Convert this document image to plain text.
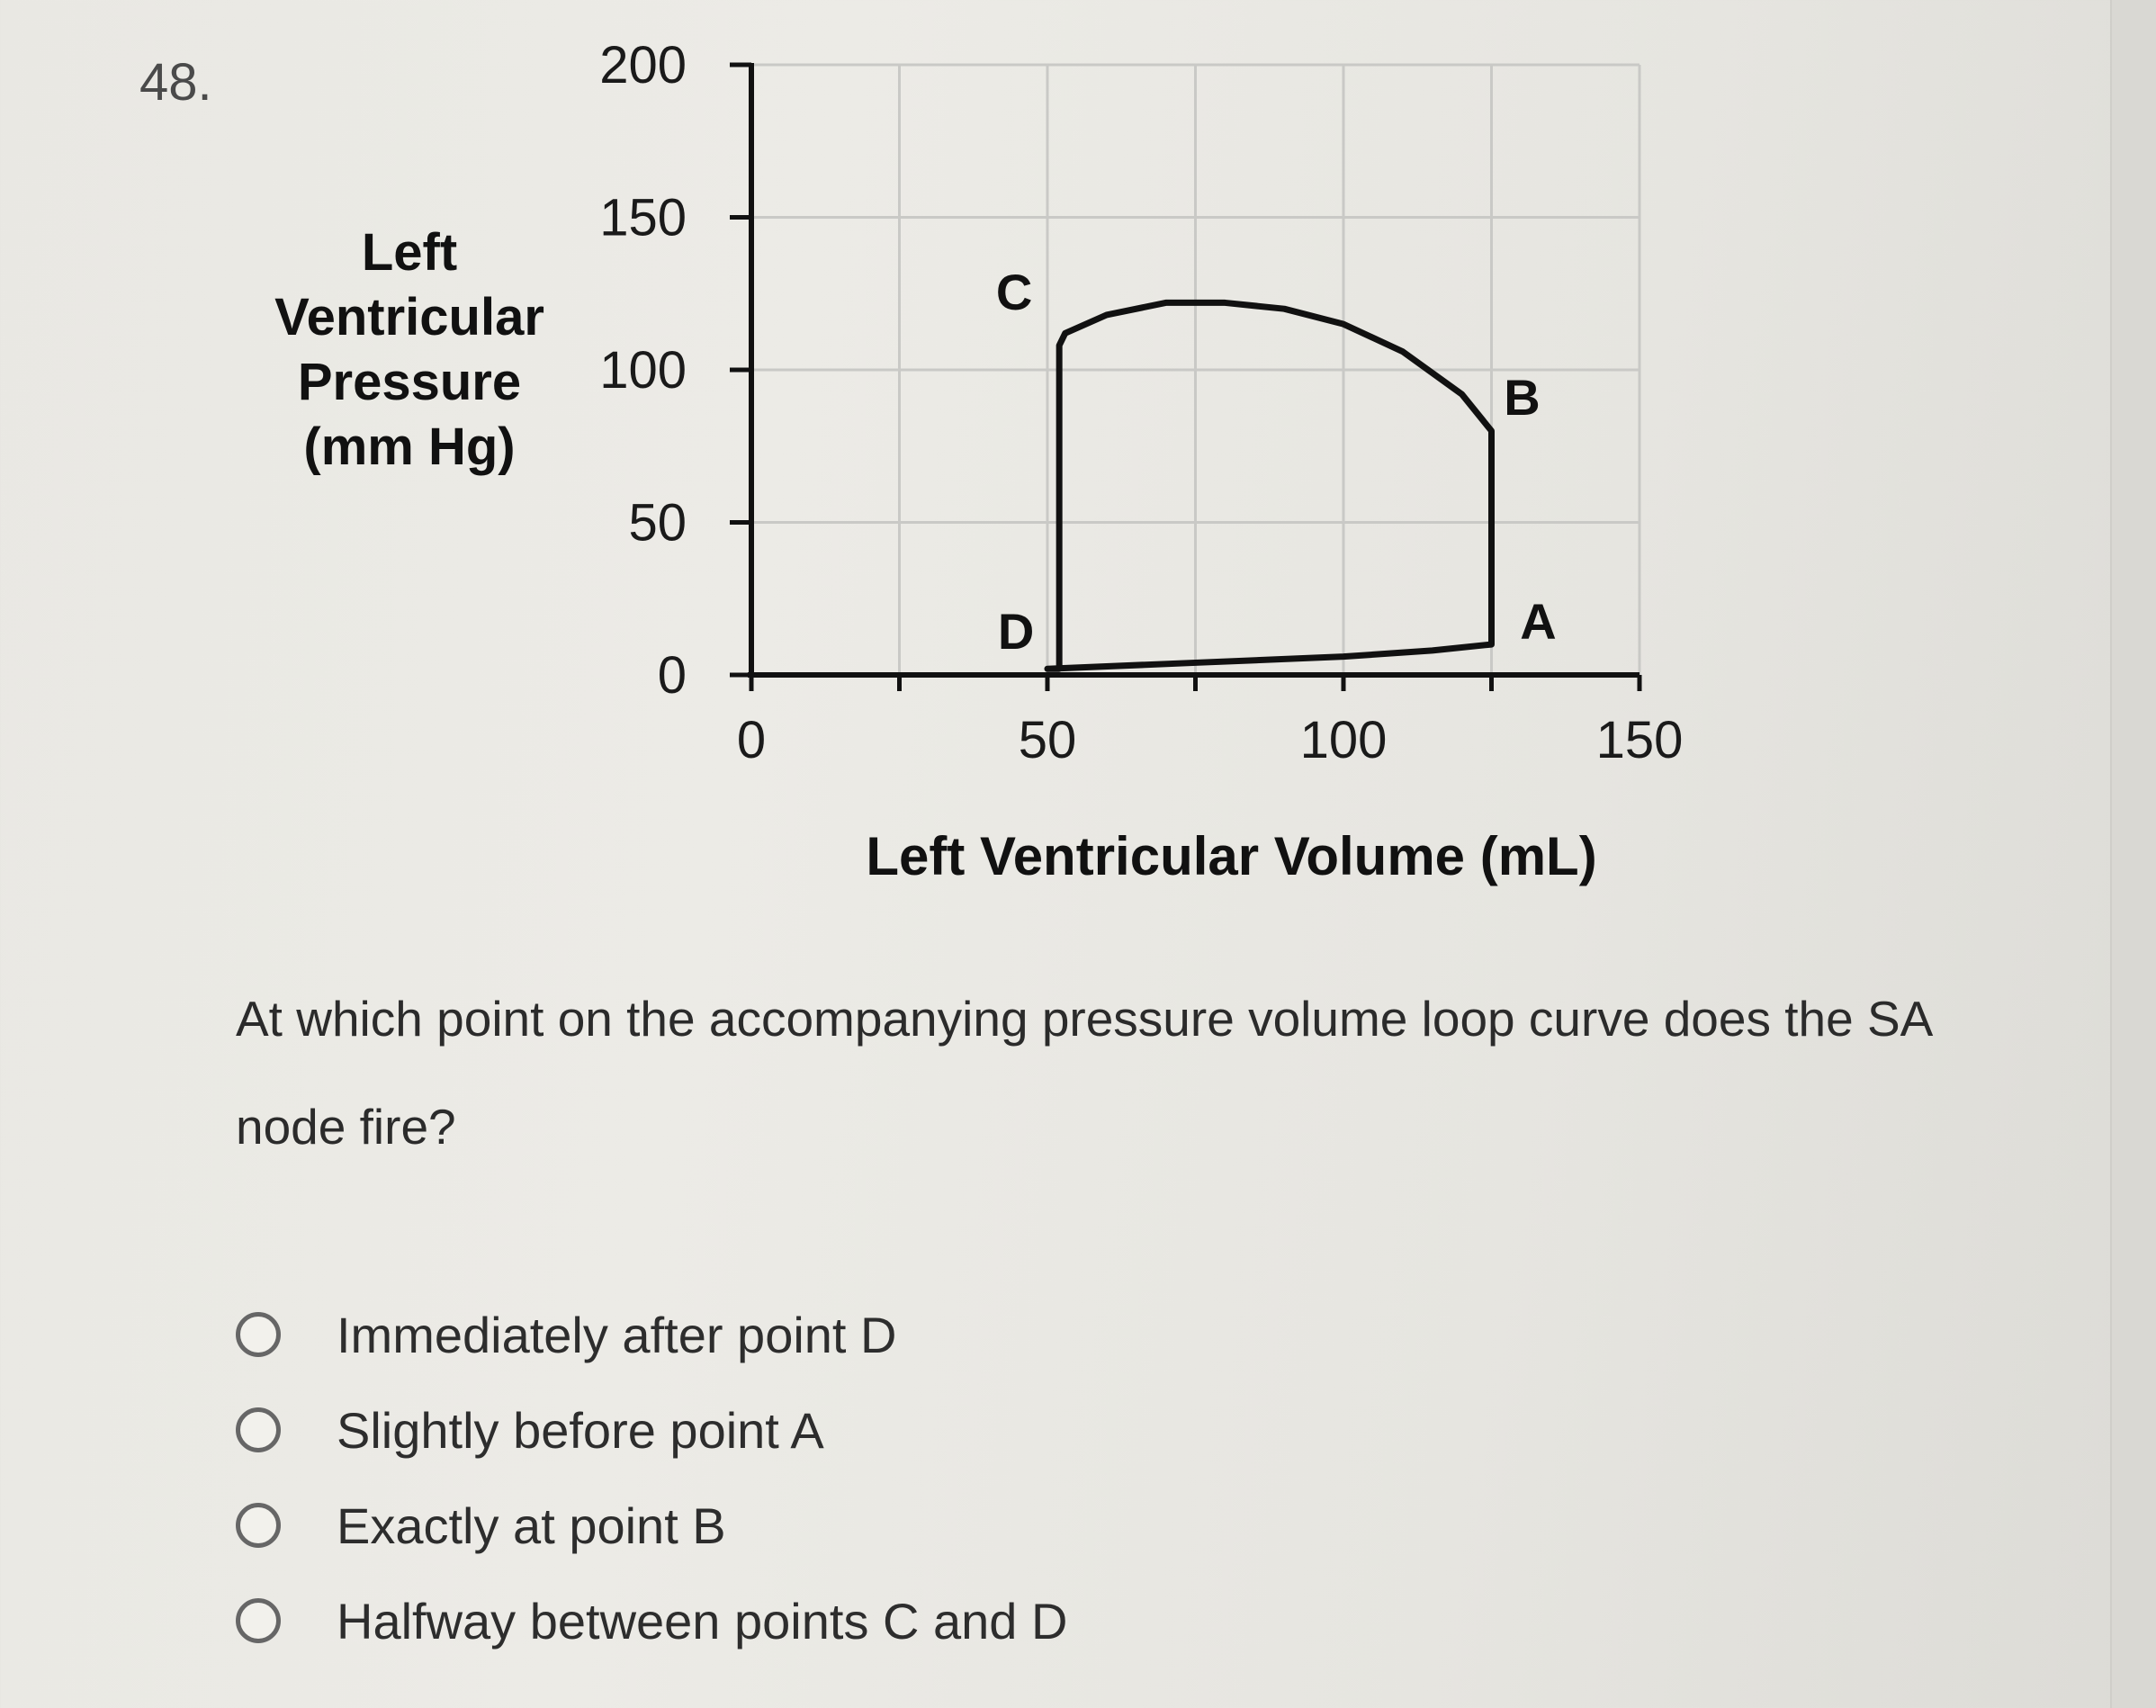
48.
0
50
100
150
200
0	50	100	150
Left Ventricular Volume (mL)
Left
Ventricular
Pressure
(mm Hg)
A
B
C
D
At which point on the accompanying pressure volume loop curve does the SA node fire?
Immediately after point D
Slightly before point A
Exactly at point B
Halfway between points C and D
